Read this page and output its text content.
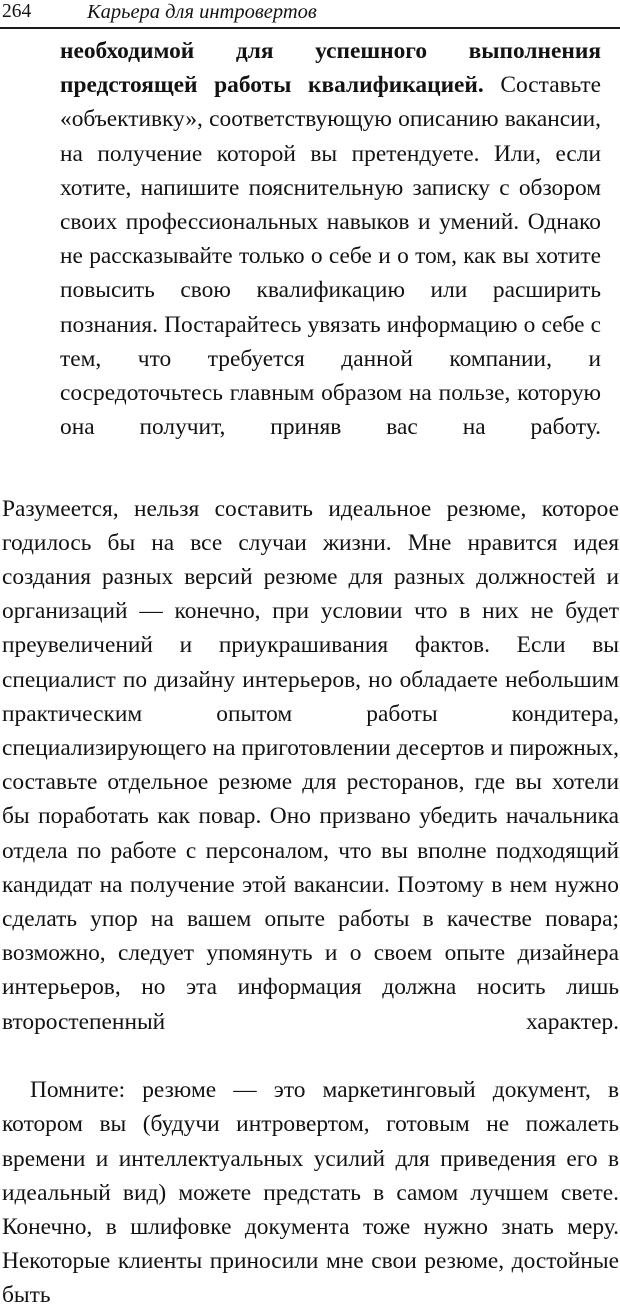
264	Карьера для интровертов

необходимой для успешного выполнения предстоящей работы квалификацией. Составьте «объективку», соответствующую описанию вакансии, на получение которой вы претендуете. Или, если хотите, напишите пояснительную записку с обзором своих профессиональных навыков и умений. Однако не рассказывайте только о себе и о том, как вы хотите повысить свою квалификацию или расширить познания. Постарайтесь увязать информацию о себе с тем, что требуется данной компании, и сосредоточьтесь главным образом на пользе, которую она получит, приняв вас на работу.

Разумеется, нельзя составить идеальное резюме, которое годилось бы на все случаи жизни. Мне нравится идея создания разных версий резюме для разных должностей и организаций — конечно, при условии что в них не будет преувеличений и приукрашивания фактов. Если вы специалист по дизайну интерьеров, но обладаете небольшим практическим опытом работы кондитера, специализирующего на приготовлении десертов и пирожных, составьте отдельное резюме для ресторанов, где вы хотели бы поработать как повар. Оно призвано убедить начальника отдела по работе с персоналом, что вы вполне подходящий кандидат на получение этой вакансии. Поэтому в нем нужно сделать упор на вашем опыте работы в качестве повара; возможно, следует упомянуть и о своем опыте дизайнера интерьеров, но эта информация должна носить лишь второстепенный характер.

Помните: резюме — это маркетинговый документ, в котором вы (будучи интровертом, готовым не пожалеть времени и интеллектуальных усилий для приведения его в идеальный вид) можете предстать в самом лучшем свете. Конечно, в шлифовке документа тоже нужно знать меру. Некоторые клиенты приносили мне свои резюме, достойные быть
